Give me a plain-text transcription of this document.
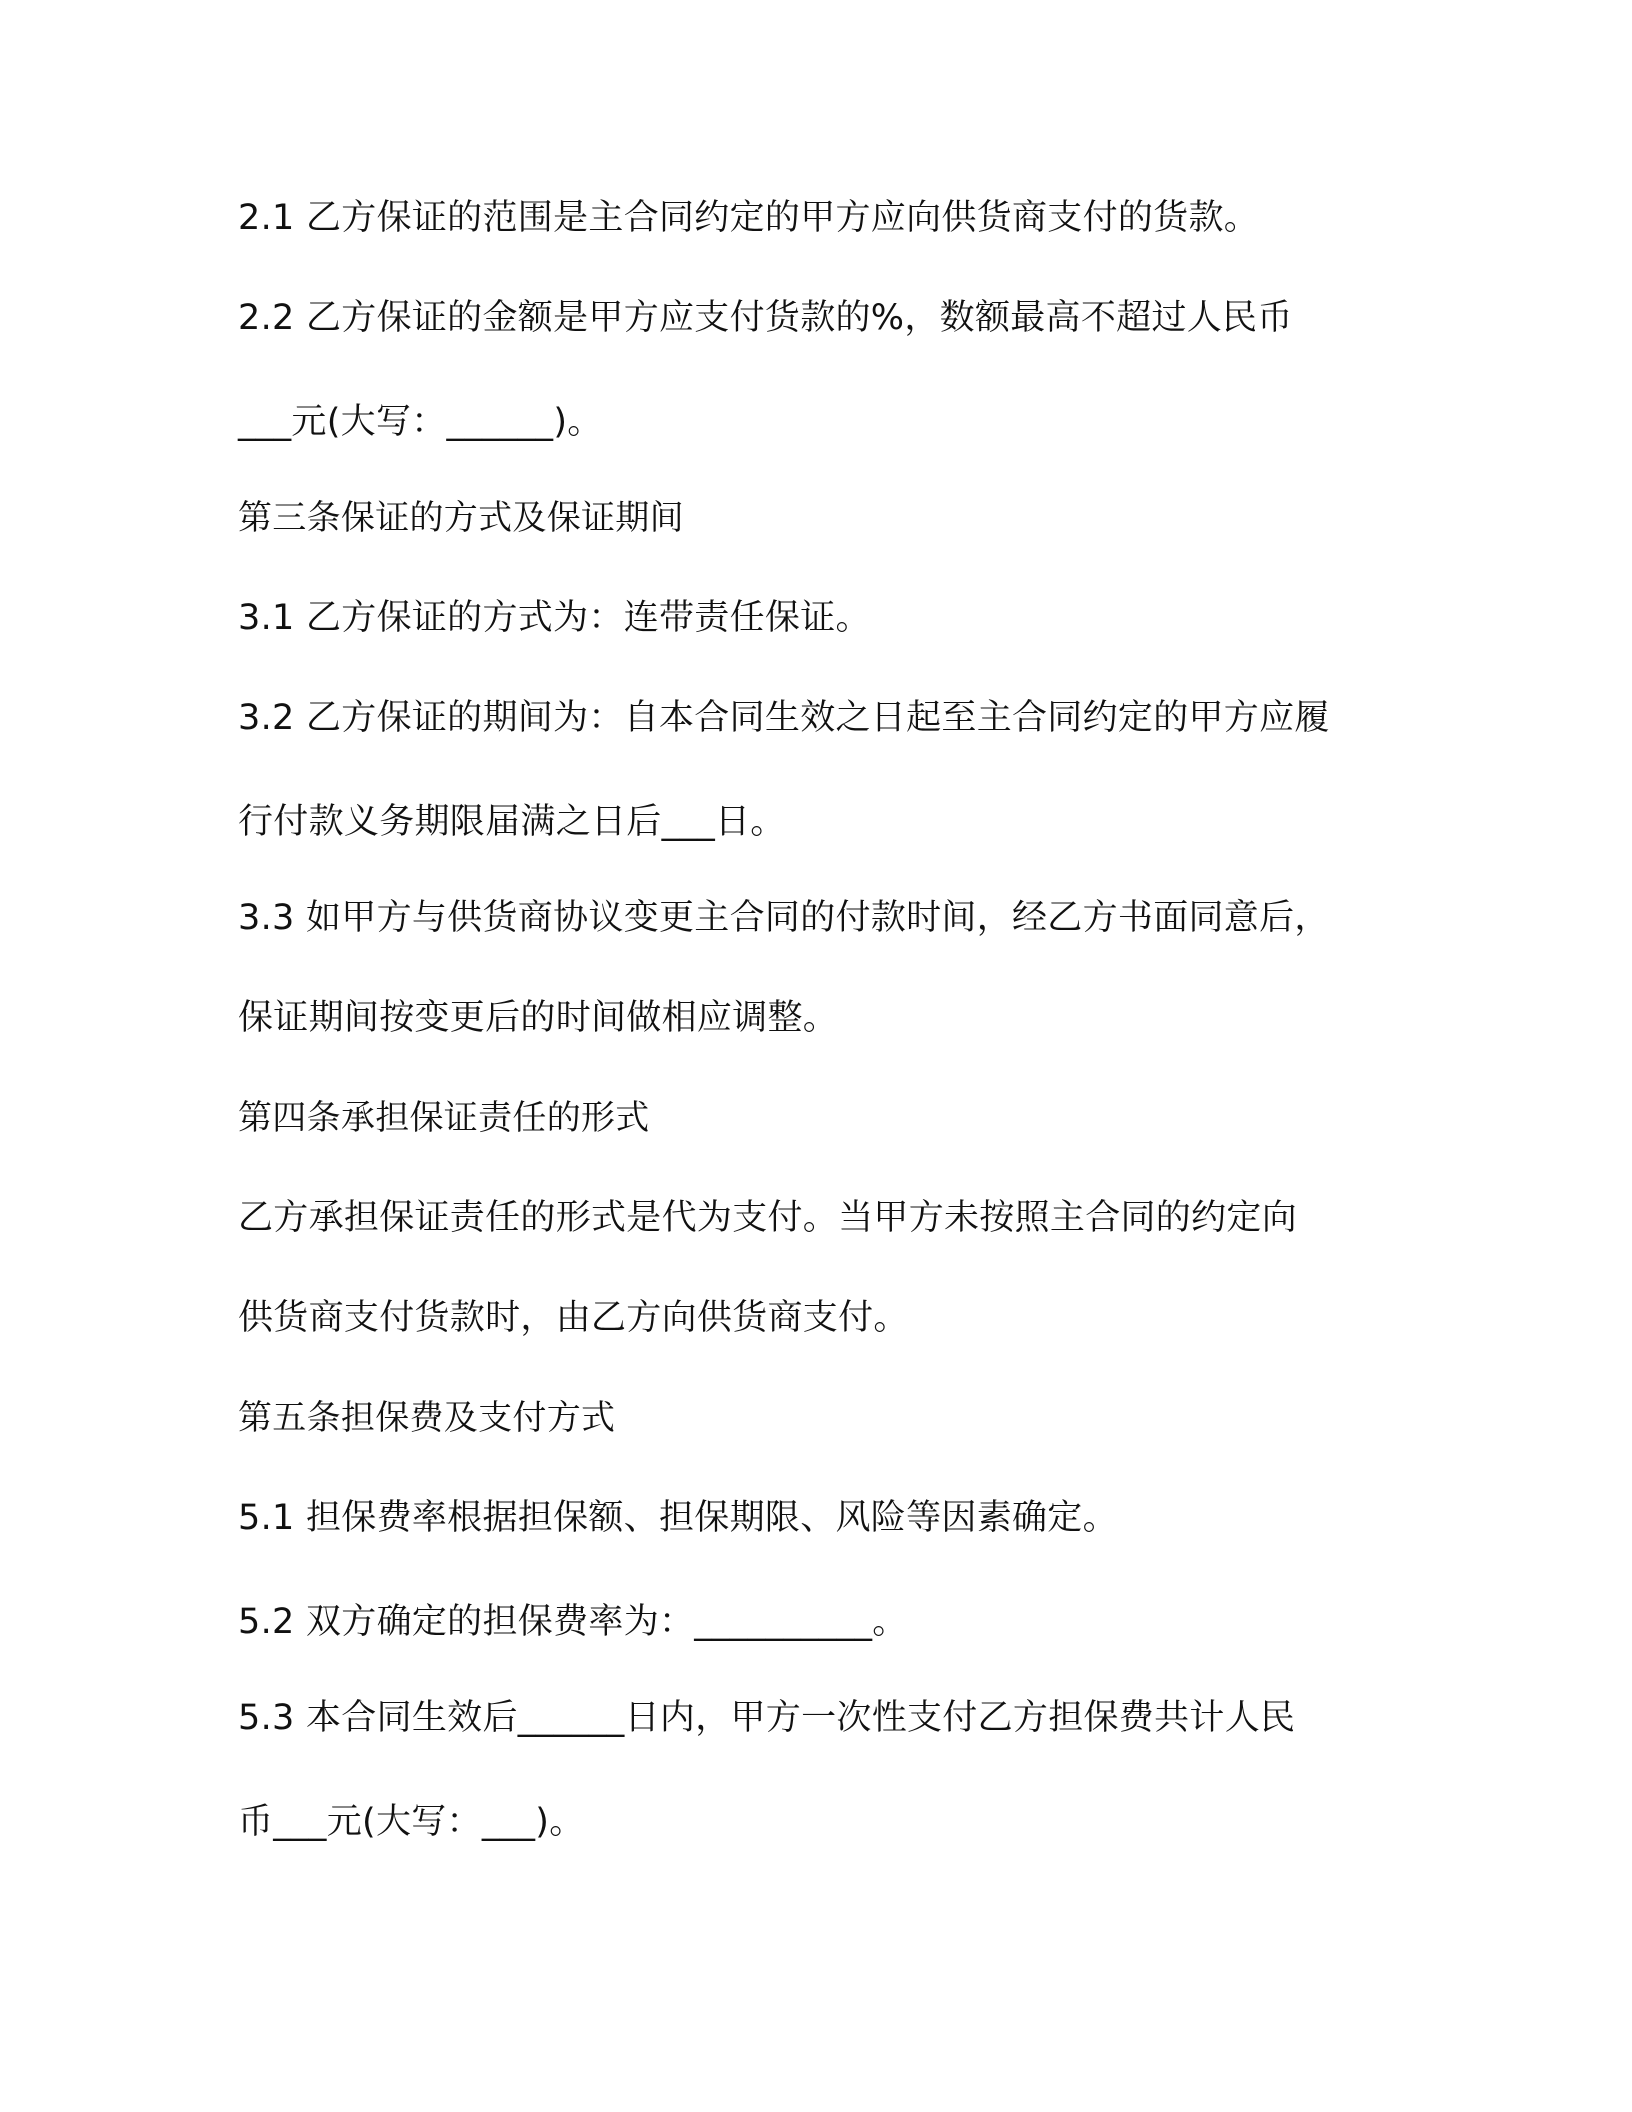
2.1 乙方保证的范围是主合同约定的甲方应向供货商支付的货款。
2.2 乙方保证的金额是甲方应支付货款的%，数额最高不超过人民币
___元(大写：______)。
第三条保证的方式及保证期间
3.1 乙方保证的方式为：连带责任保证。
3.2 乙方保证的期间为：自本合同生效之日起至主合同约定的甲方应履
行付款义务期限届满之日后___日。
3.3 如甲方与供货商协议变更主合同的付款时间，经乙方书面同意后，
保证期间按变更后的时间做相应调整。
第四条承担保证责任的形式
乙方承担保证责任的形式是代为支付。当甲方未按照主合同的约定向
供货商支付货款时，由乙方向供货商支付。
第五条担保费及支付方式
5.1 担保费率根据担保额、担保期限、风险等因素确定。
5.2 双方确定的担保费率为：__________。
5.3 本合同生效后______日内，甲方一次性支付乙方担保费共计人民
币___元(大写：___)。
